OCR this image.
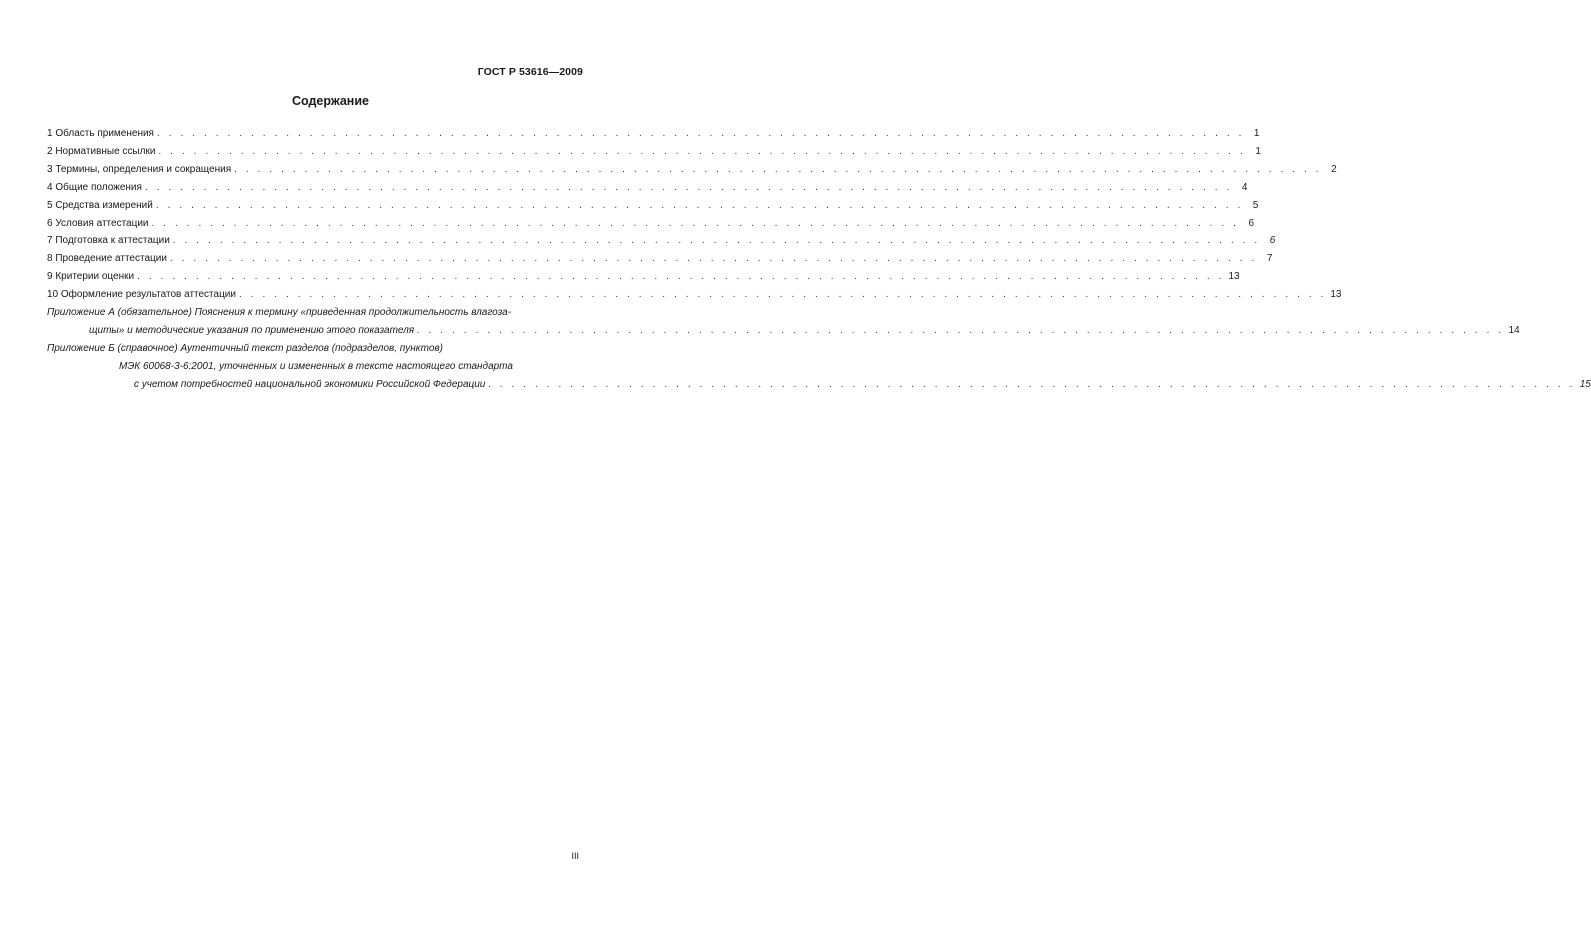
ГОСТ Р 53616—2009
Содержание
1 Область применения . . . . . . . . . . . . . . . . . . . . . . . . . . . . . . . . . . . . . . . . . . . . . . . . . . . . . . . . . . . . . . . . . . . . . . . . . . . . . . . . . . . . . . . . . . . . . 1
2 Нормативные ссылки . . . . . . . . . . . . . . . . . . . . . . . . . . . . . . . . . . . . . . . . . . . . . . . . . . . . . . . . . . . . . . . . . . . . . . . . . . . . . . . . . . . . . . . . . . . . . 1
3 Термины, определения и сокращения . . . . . . . . . . . . . . . . . . . . . . . . . . . . . . . . . . . . . . . . . . . . . . . . . . . . . . . . . . . . . . . . . . . . . . . . . . . . . . . . . . . . . . . . . . . . . 2
4 Общие положения . . . . . . . . . . . . . . . . . . . . . . . . . . . . . . . . . . . . . . . . . . . . . . . . . . . . . . . . . . . . . . . . . . . . . . . . . . . . . . . . . . . . . . . . . . . . . 4
5 Средства измерений . . . . . . . . . . . . . . . . . . . . . . . . . . . . . . . . . . . . . . . . . . . . . . . . . . . . . . . . . . . . . . . . . . . . . . . . . . . . . . . . . . . . . . . . . . . . . 5
6 Условия аттестации . . . . . . . . . . . . . . . . . . . . . . . . . . . . . . . . . . . . . . . . . . . . . . . . . . . . . . . . . . . . . . . . . . . . . . . . . . . . . . . . . . . . . . . . . . . . . 6
7 Подготовка к аттестации . . . . . . . . . . . . . . . . . . . . . . . . . . . . . . . . . . . . . . . . . . . . . . . . . . . . . . . . . . . . . . . . . . . . . . . . . . . . . . . . . . . . . . . . . . . . . 6
8 Проведение аттестации . . . . . . . . . . . . . . . . . . . . . . . . . . . . . . . . . . . . . . . . . . . . . . . . . . . . . . . . . . . . . . . . . . . . . . . . . . . . . . . . . . . . . . . . . . . . . 7
9 Критерии оценки . . . . . . . . . . . . . . . . . . . . . . . . . . . . . . . . . . . . . . . . . . . . . . . . . . . . . . . . . . . . . . . . . . . . . . . . . . . . . . . . . . . . . . . . . . . . . 13
10 Оформление результатов аттестации . . . . . . . . . . . . . . . . . . . . . . . . . . . . . . . . . . . . . . . . . . . . . . . . . . . . . . . . . . . . . . . . . . . . . . . . . . . . . . . . . . . . . . . . . . . . . 13
Приложение А (обязательное) Пояснения к термину «приведенная продолжительность влагоза-
щиты» и методические указания по применению этого показателя . . . . . . . . . . . . . . . . . . . . . . . . . . . . . . . . . . . . . . . . . . . . . . . . . . . . . . . . . . . . . . . . . . . . . . . . . . . . . . . . . . . . . . . . . . . . . 14
Приложение Б (справочное) Аутентичный текст разделов (подразделов, пунктов)
МЭК 60068-3-6:2001, уточненных и измененных в тексте настоящего стандарта
с учетом потребностей национальной экономики Российской Федерации . . . . . . . . . . . . . . . . . . . . . . . . . . . . . . . . . . . . . . . . . . . . . . . . . . . . . . . . . . . . . . . . . . . . . . . . . . . . . . . . . . . . . . . . . . . . . 15
III
